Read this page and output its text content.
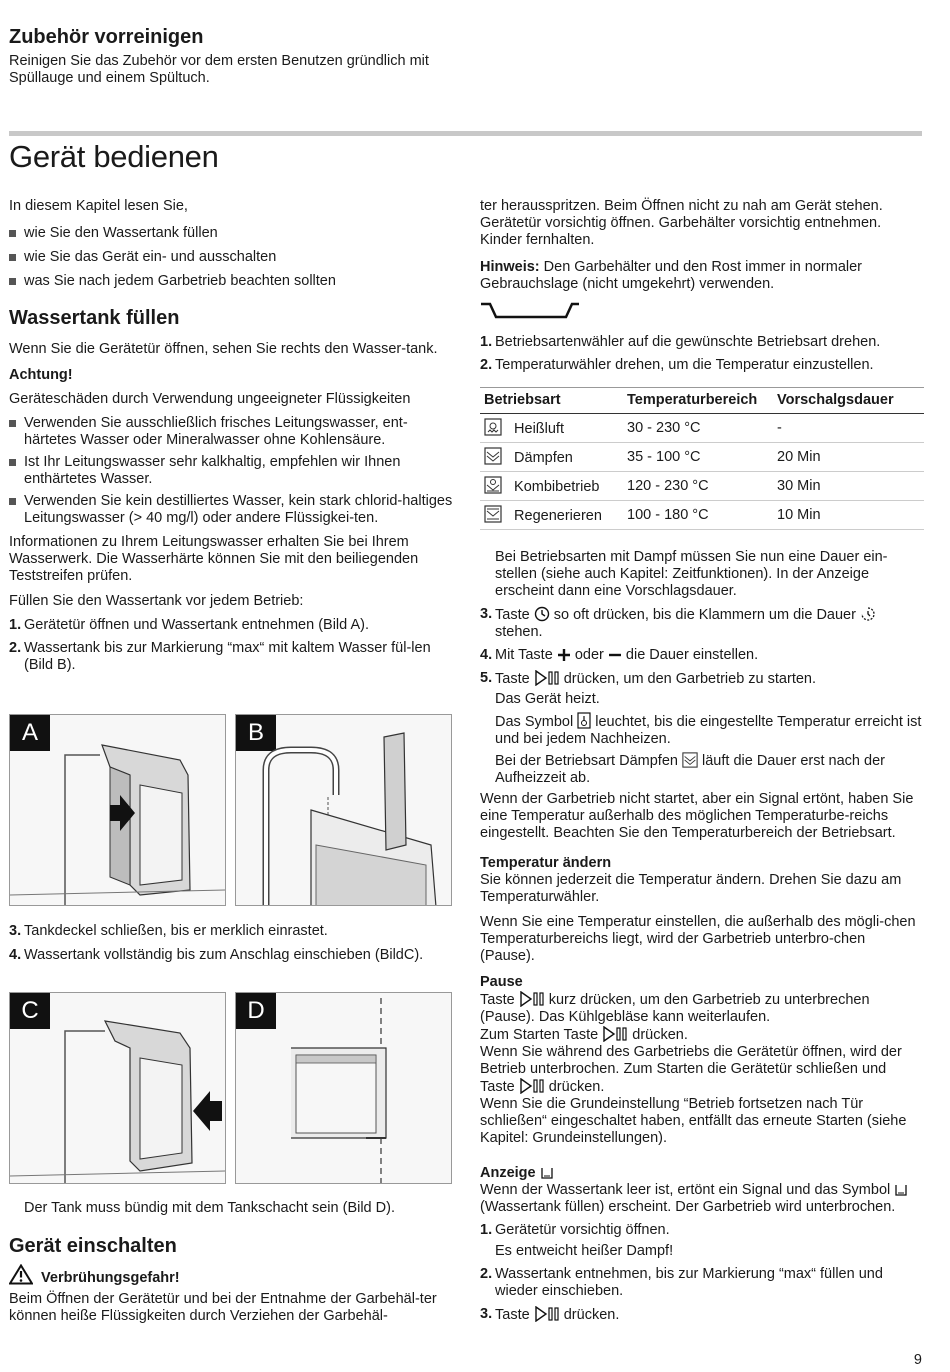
Zubehör vorreinigen

Reinigen Sie das Zubehör vor dem ersten Benutzen gründlich mit Spüllauge und einem Spültuch.

Gerät bedienen

In diesem Kapitel lesen Sie,

wie Sie den Wassertank füllen

wie Sie das Gerät ein- und ausschalten

was Sie nach jedem Garbetrieb beachten sollten

Wassertank füllen

Wenn Sie die Gerätetür öffnen, sehen Sie rechts den Wasser-tank.

Achtung!

Geräteschäden durch Verwendung ungeeigneter Flüssigkeiten

Verwenden Sie ausschließlich frisches Leitungswasser, ent-härtetes Wasser oder Mineralwasser ohne Kohlensäure.

Ist Ihr Leitungswasser sehr kalkhaltig, empfehlen wir Ihnen enthärtetes Wasser.

Verwenden Sie kein destilliertes Wasser, kein stark chlorid-haltiges Leitungswasser (> 40 mg/l) oder andere Flüssigkei-ten.

Informationen zu Ihrem Leitungswasser erhalten Sie bei Ihrem Wasserwerk. Die Wasserhärte können Sie mit den beiliegenden Teststreifen prüfen.

Füllen Sie den Wassertank vor jedem Betrieb:

1. Gerätetür öffnen und Wassertank entnehmen (Bild A).

2. Wassertank bis zur Markierung “max“ mit kaltem Wasser fül-len (Bild B).

A	B

3. Tankdeckel schließen, bis er merklich einrastet.

4. Wassertank vollständig bis zum Anschlag einschieben (BildC).

C	D

Der Tank muss bündig mit dem Tankschacht sein (Bild D).

Gerät einschalten
Verbrühungsgefahr!

Beim Öffnen der Gerätetür und bei der Entnahme der Garbehäl-ter können heiße Flüssigkeiten durch Verziehen der Garbehäl-

ter herausspritzen. Beim Öffnen nicht zu nah am Gerät stehen. Gerätetür vorsichtig öffnen. Garbehälter vorsichtig entnehmen. Kinder fernhalten.

Hinweis: Den Garbehälter und den Rost immer in normaler Gebrauchslage (nicht umgekehrt) verwenden.

1. Betriebsartenwähler auf die gewünschte Betriebsart drehen.

2. Temperaturwähler drehen, um die Temperatur einzustellen.

Betriebsart	Temperaturbereich	Vorschalgsdauer
Heißluft	30 - 230 °C	-
Dämpfen	35 - 100 °C	20 Min
Kombibetrieb	120 - 230 °C	30 Min
Regenerieren	100 - 180 °C	10 Min

Bei Betriebsarten mit Dampf müssen Sie nun eine Dauer ein-stellen (siehe auch Kapitel: Zeitfunktionen). In der Anzeige erscheint dann eine Vorschlagsdauer.

3. Taste so oft drücken, bis die Klammern um die Dauer  stehen.

4. Mit Taste oder die Dauer einstellen.

5. Taste drücken, um den Garbetrieb zu starten.

Das Gerät heizt.

Das Symbol leuchtet, bis die eingestellte Temperatur erreicht ist und bei jedem Nachheizen.

Bei der Betriebsart Dämpfen läuft die Dauer erst nach der Aufheizzeit ab.

Wenn der Garbetrieb nicht startet, aber ein Signal ertönt, haben Sie eine Temperatur außerhalb des möglichen Temperaturbe-reichs eingestellt. Beachten Sie den Temperaturbereich der Betriebsart.

Temperatur ändern

Sie können jederzeit die Temperatur ändern. Drehen Sie dazu am Temperaturwähler.

Wenn Sie eine Temperatur einstellen, die außerhalb des mögli-chen Temperaturbereichs liegt, wird der Garbetrieb unterbro-chen (Pause).

Pause

Taste kurz drücken, um den Garbetrieb zu unterbrechen (Pause). Das Kühlgebläse kann weiterlaufen.

Zum Starten Taste drücken.

Wenn Sie während des Garbetriebs die Gerätetür öffnen, wird der Betrieb unterbrochen. Zum Starten die Gerätetür schließen und Taste drücken.

Wenn Sie die Grundeinstellung “Betrieb fortsetzen nach Tür schließen“ eingeschaltet haben, entfällt das erneute Starten (siehe Kapitel: Grundeinstellungen).

Anzeige

Wenn der Wassertank leer ist, ertönt ein Signal und das Symbol  (Wassertank füllen) erscheint. Der Garbetrieb wird unterbrochen.

1. Gerätetür vorsichtig öffnen.

Es entweicht heißer Dampf!

2. Wassertank entnehmen, bis zur Markierung “max“ füllen und wieder einschieben.

3. Taste drücken.

9
